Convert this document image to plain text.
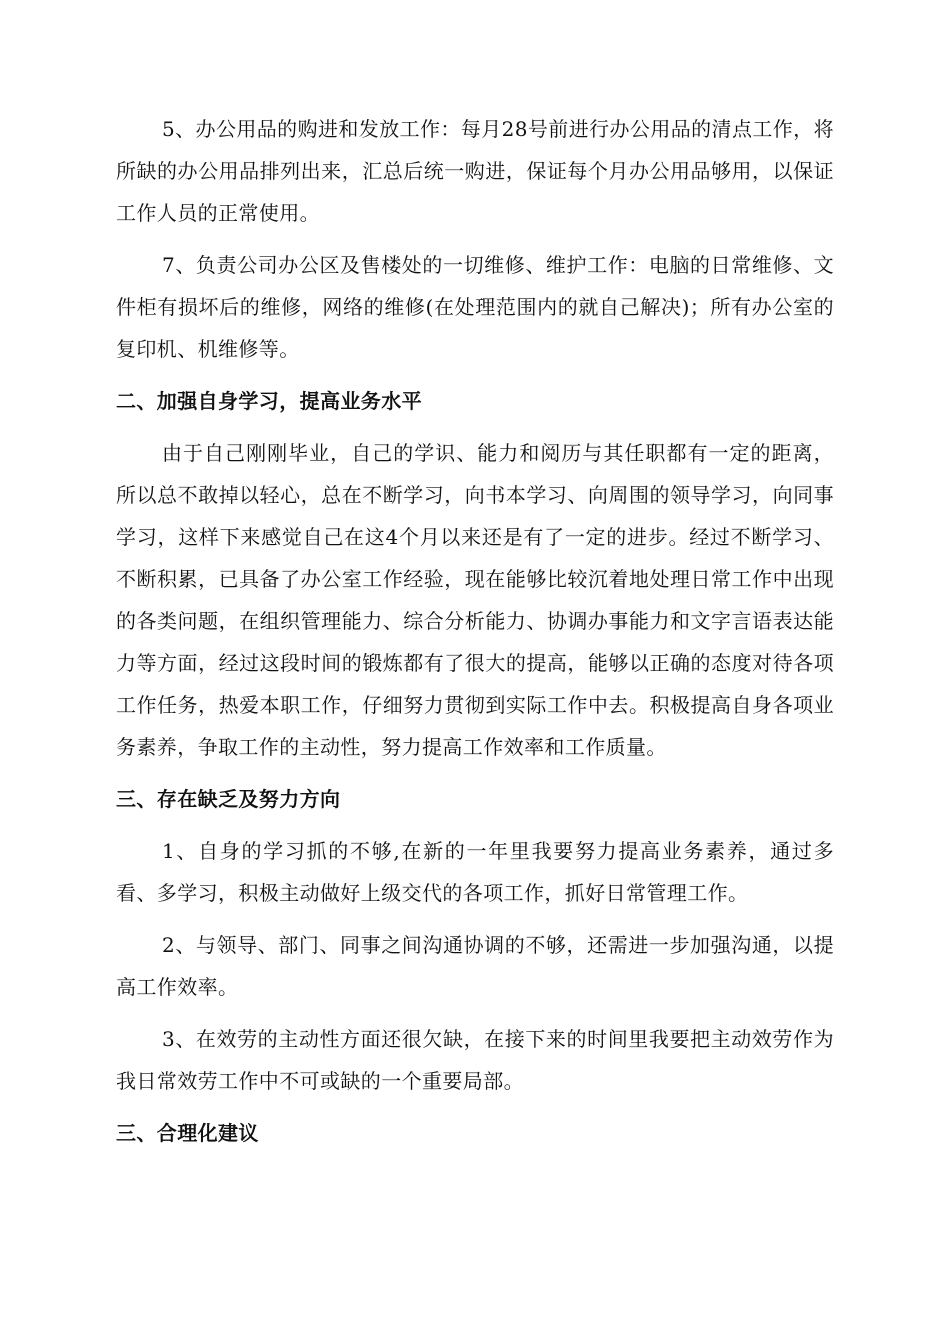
5、办公用品的购进和发放工作：每月28号前进行办公用品的清点工作，将所缺的办公用品排列出来，汇总后统一购进，保证每个月办公用品够用，以保证工作人员的正常使用。

7、负责公司办公区及售楼处的一切维修、维护工作：电脑的日常维修、文件柜有损坏后的维修，网络的维修(在处理范围内的就自己解决)；所有办公室的复印机、机维修等。

二、加强自身学习，提高业务水平

由于自己刚刚毕业，自己的学识、能力和阅历与其任职都有一定的距离，所以总不敢掉以轻心，总在不断学习，向书本学习、向周围的领导学习，向同事学习，这样下来感觉自己在这4个月以来还是有了一定的进步。经过不断学习、不断积累，已具备了办公室工作经验，现在能够比较沉着地处理日常工作中出现的各类问题，在组织管理能力、综合分析能力、协调办事能力和文字言语表达能力等方面，经过这段时间的锻炼都有了很大的提高，能够以正确的态度对待各项工作任务，热爱本职工作，仔细努力贯彻到实际工作中去。积极提高自身各项业务素养，争取工作的主动性，努力提高工作效率和工作质量。

三、存在缺乏及努力方向

1、自身的学习抓的不够,在新的一年里我要努力提高业务素养，通过多看、多学习，积极主动做好上级交代的各项工作，抓好日常管理工作。

2、与领导、部门、同事之间沟通协调的不够，还需进一步加强沟通，以提高工作效率。

3、在效劳的主动性方面还很欠缺，在接下来的时间里我要把主动效劳作为我日常效劳工作中不可或缺的一个重要局部。

三、合理化建议
